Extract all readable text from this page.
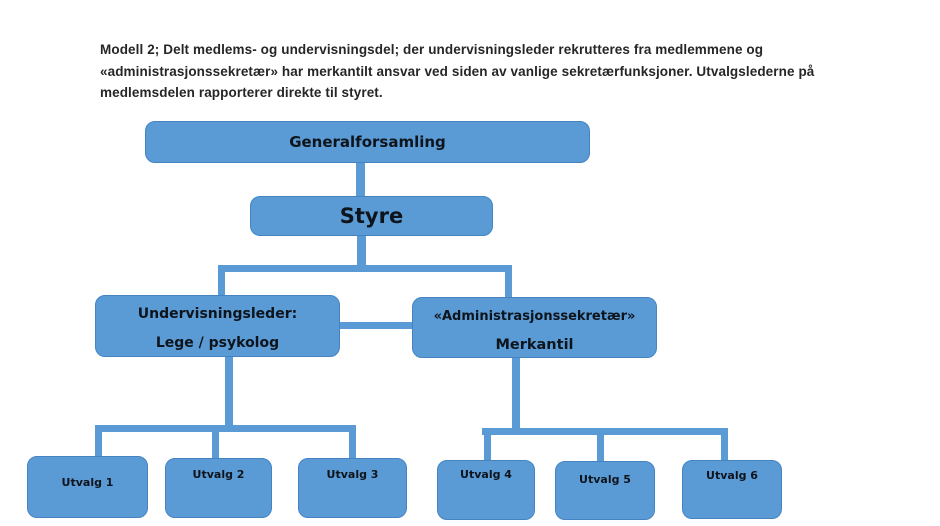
Modell 2; Delt medlems- og undervisningsdel; der undervisningsleder rekrutteres fra medlemmene og
«administrasjonssekretær» har merkantilt ansvar ved siden av vanlige sekretærfunksjoner. Utvalgslederne på
medlemsdelen rapporterer direkte til styret.
Generalforsamling
Styre
Undervisningsleder:
Lege / psykolog
«Administrasjonssekretær»
Merkantil
Utvalg 1
Utvalg 2	Utvalg 3	Utvalg 4	Utvalg 5	Utvalg 6
